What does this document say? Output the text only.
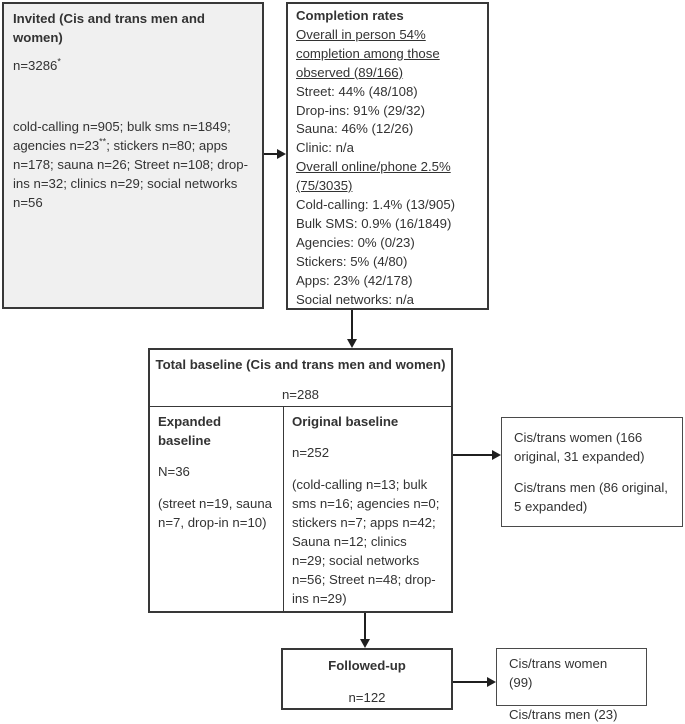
Invited (Cis and trans men and women)
n=3286*
cold-calling n=905; bulk sms n=1849; agencies n=23**; stickers n=80; apps n=178; sauna n=26; Street n=108; drop-ins n=32; clinics n=29; social networks n=56
Completion rates
Overall in person 54% completion among those observed (89/166)
Street: 44% (48/108)
Drop-ins: 91% (29/32)
Sauna: 46% (12/26)
Clinic: n/a
Overall online/phone 2.5% (75/3035)
Cold-calling: 1.4% (13/905)
Bulk SMS: 0.9% (16/1849)
Agencies: 0% (0/23)
Stickers: 5% (4/80)
Apps: 23% (42/178)
Social networks: n/a
Total baseline (Cis and trans men and women)
n=288
Expanded baseline
N=36
(street n=19, sauna n=7, drop-in n=10)
Original baseline
n=252
(cold-calling n=13; bulk sms n=16; agencies n=0; stickers n=7; apps n=42; Sauna n=12; clinics n=29; social networks n=56; Street n=48; drop-ins n=29)

Cis/trans women (166 original, 31 expanded)

Cis/trans men (86 original, 5 expanded)

Followed-up
n=122

Cis/trans women (99)

Cis/trans men (23)
